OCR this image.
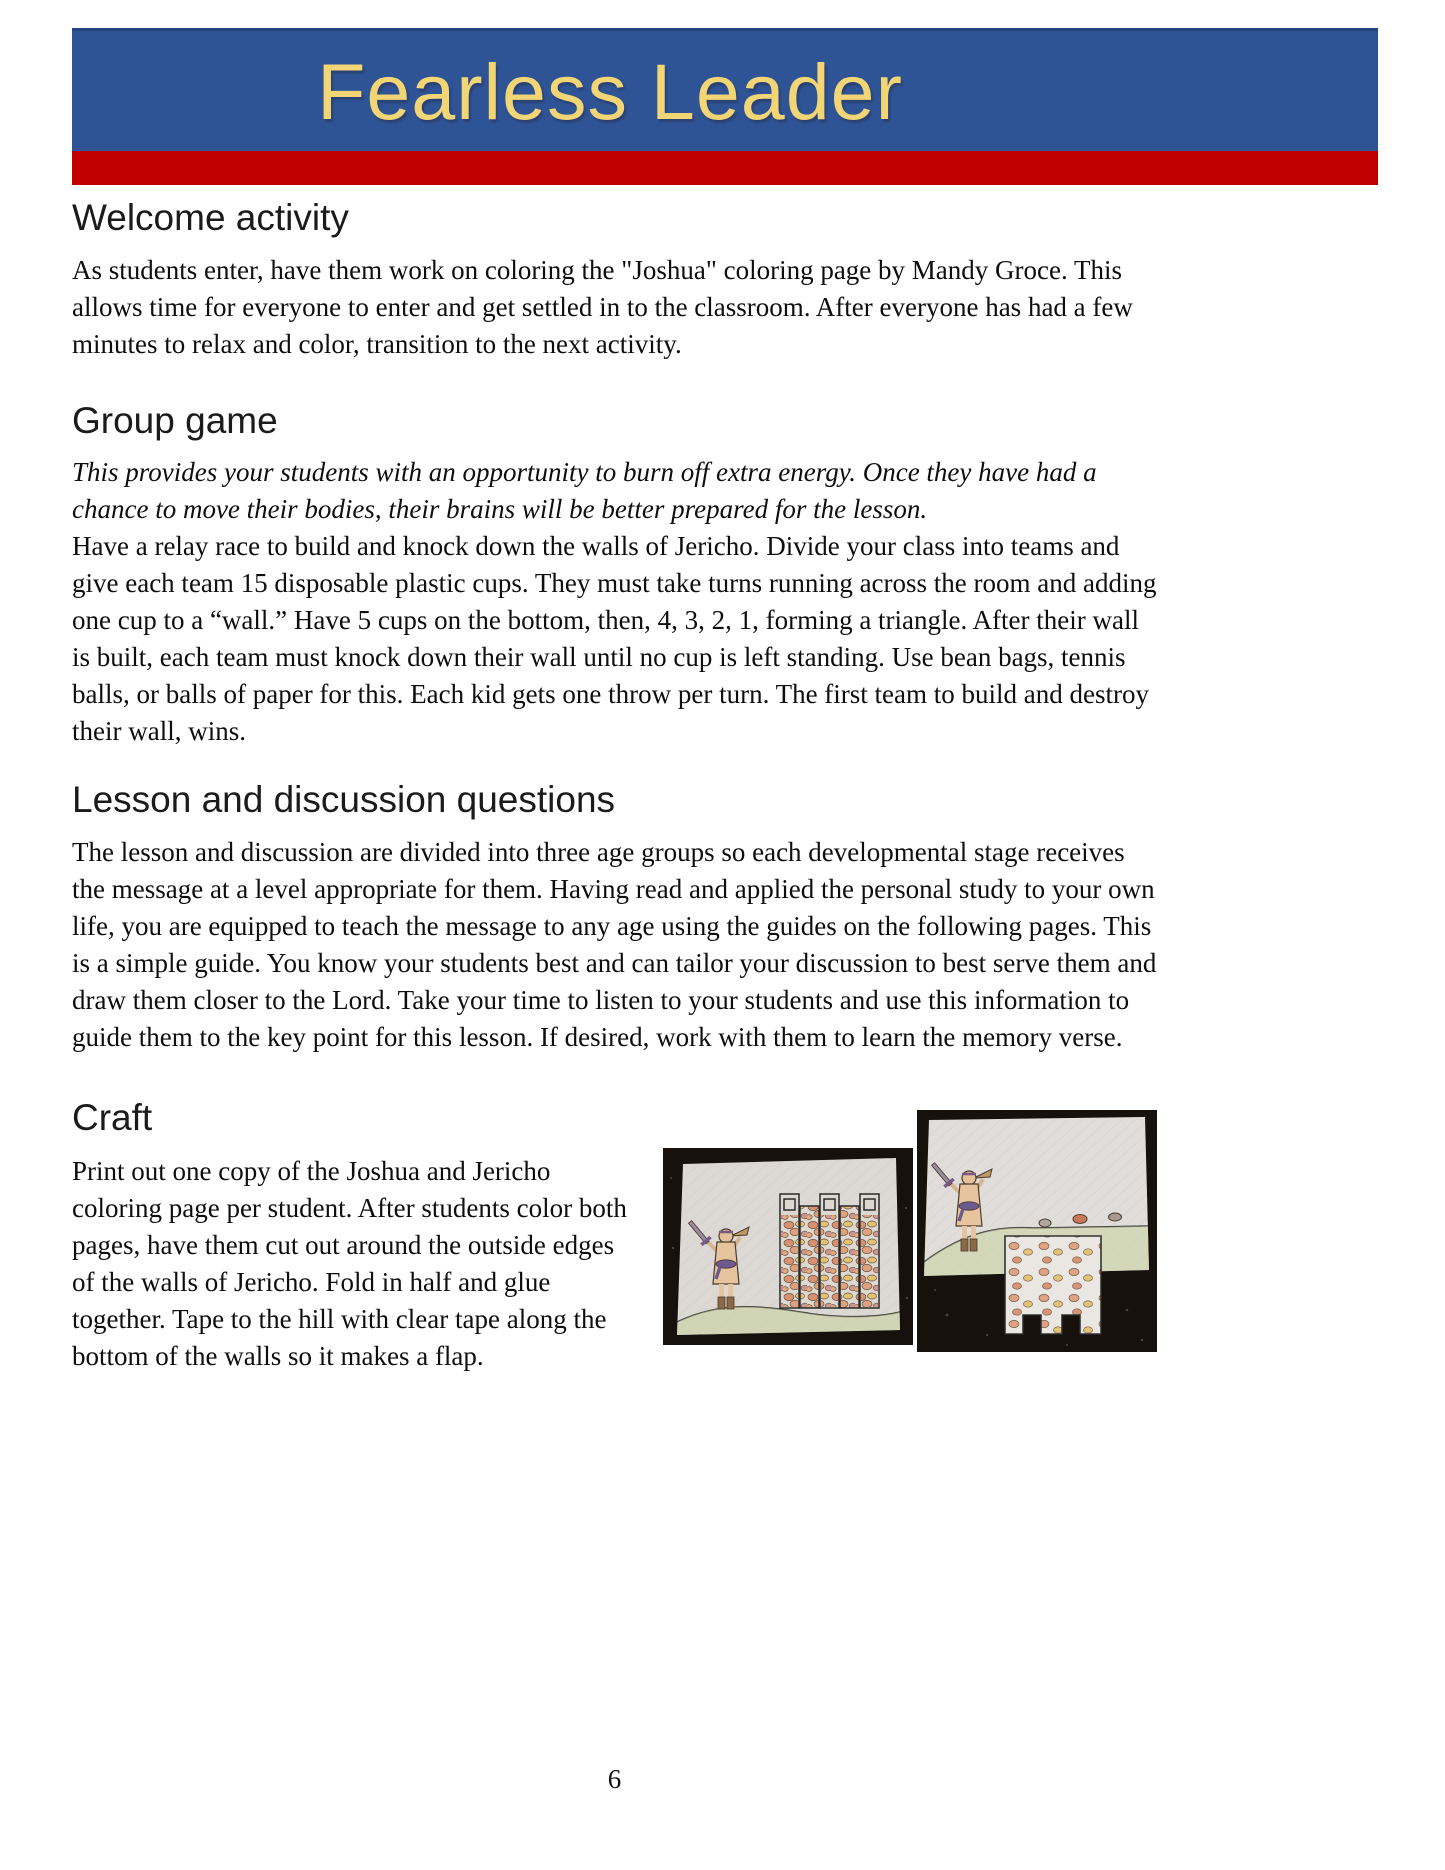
Fearless Leader
Welcome activity

As students enter, have them work on coloring the "Joshua" coloring page by Mandy Groce. This allows time for everyone to enter and get settled in to the classroom. After everyone has had a few minutes to relax and color, transition to the next activity.

Group game

This provides your students with an opportunity to burn off extra energy. Once they have had a chance to move their bodies, their brains will be better prepared for the lesson.

Have a relay race to build and knock down the walls of Jericho. Divide your class into teams and give each team 15 disposable plastic cups. They must take turns running across the room and adding one cup to a “wall.” Have 5 cups on the bottom, then, 4, 3, 2, 1, forming a triangle. After their wall is built, each team must knock down their wall until no cup is left standing. Use bean bags, tennis balls, or balls of paper for this. Each kid gets one throw per turn. The first team to build and destroy their wall, wins.

Lesson and discussion questions

The lesson and discussion are divided into three age groups so each developmental stage receives the message at a level appropriate for them. Having read and applied the personal study to your own life, you are equipped to teach the message to any age using the guides on the following pages. This is a simple guide. You know your students best and can tailor your discussion to best serve them and draw them closer to the Lord. Take your time to listen to your students and use this information to guide them to the key point for this lesson. If desired, work with them to learn the memory verse.

Craft

Print out one copy of the Joshua and Jericho coloring page per student. After students color both pages, have them cut out around the outside edges of the walls of Jericho. Fold in half and glue together. Tape to the hill with clear tape along the bottom of the walls so it makes a flap.

6
